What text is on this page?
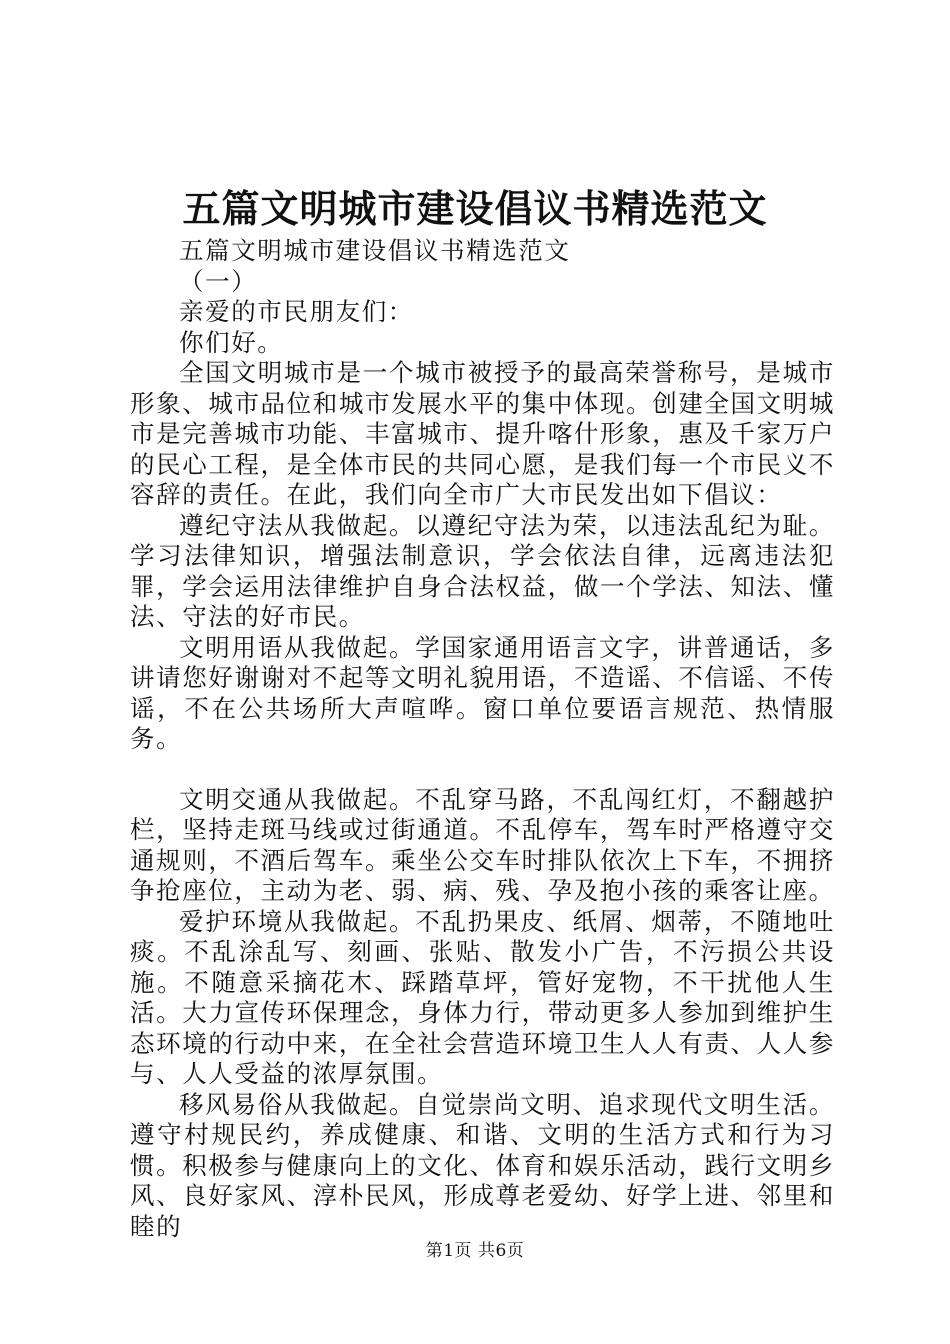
五篇文明城市建设倡议书精选范文

五篇文明城市建设倡议书精选范文

（一）

亲爱的市民朋友们：

你们好。

全国文明城市是一个城市被授予的最高荣誉称号，是城市形象、城市品位和城市发展水平的集中体现。创建全国文明城市是完善城市功能、丰富城市、提升喀什形象，惠及千家万户的民心工程，是全体市民的共同心愿，是我们每一个市民义不容辞的责任。在此，我们向全市广大市民发出如下倡议：

遵纪守法从我做起。以遵纪守法为荣，以违法乱纪为耻。学习法律知识，增强法制意识，学会依法自律，远离违法犯罪，学会运用法律维护自身合法权益，做一个学法、知法、懂法、守法的好市民。

文明用语从我做起。学国家通用语言文字，讲普通话，多讲请您好谢谢对不起等文明礼貌用语，不造谣、不信谣、不传谣，不在公共场所大声喧哗。窗口单位要语言规范、热情服务。

文明交通从我做起。不乱穿马路，不乱闯红灯，不翻越护栏，坚持走斑马线或过街通道。不乱停车，驾车时严格遵守交通规则，不酒后驾车。乘坐公交车时排队依次上下车，不拥挤争抢座位，主动为老、弱、病、残、孕及抱小孩的乘客让座。

爱护环境从我做起。不乱扔果皮、纸屑、烟蒂，不随地吐痰。不乱涂乱写、刻画、张贴、散发小广告，不污损公共设施。不随意采摘花木、踩踏草坪，管好宠物，不干扰他人生活。大力宣传环保理念，身体力行，带动更多人参加到维护生态环境的行动中来，在全社会营造环境卫生人人有责、人人参与、人人受益的浓厚氛围。

移风易俗从我做起。自觉崇尚文明、追求现代文明生活。遵守村规民约，养成健康、和谐、文明的生活方式和行为习惯。积极参与健康向上的文化、体育和娱乐活动，践行文明乡风、良好家风、淳朴民风，形成尊老爱幼、好学上进、邻里和睦的

第1页 共6页
